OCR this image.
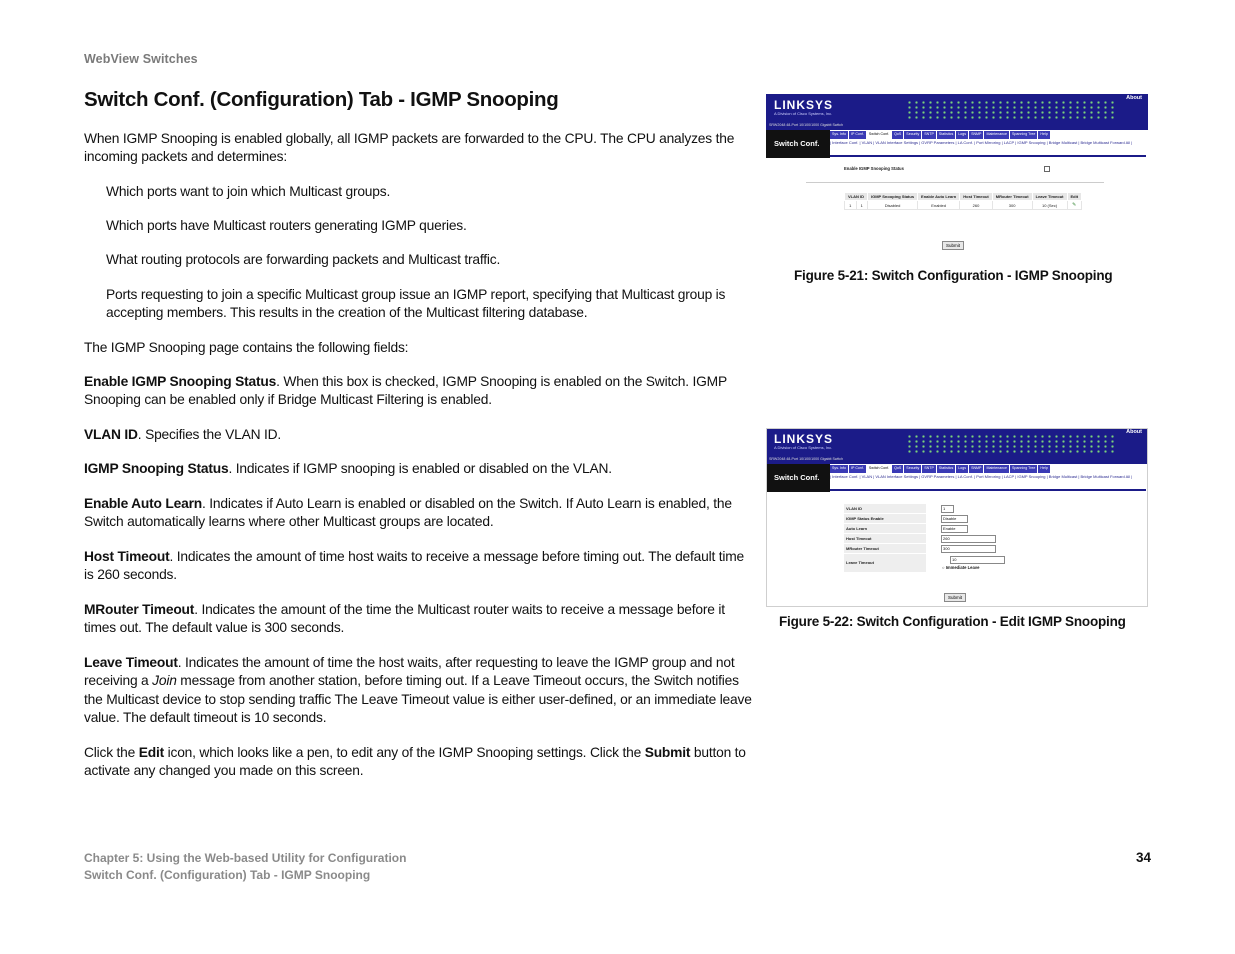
WebView Switches
Switch Conf. (Configuration) Tab - IGMP Snooping
When IGMP Snooping is enabled globally, all IGMP packets are forwarded to the CPU. The CPU analyzes the incoming packets and determines:
Which ports want to join which Multicast groups.
Which ports have Multicast routers generating IGMP queries.
What routing protocols are forwarding packets and Multicast traffic.
Ports requesting to join a specific Multicast group issue an IGMP report, specifying that Multicast group is accepting members. This results in the creation of the Multicast filtering database.
The IGMP Snooping page contains the following fields:
Enable IGMP Snooping Status. When this box is checked, IGMP Snooping is enabled on the Switch. IGMP Snooping can be enabled only if Bridge Multicast Filtering is enabled.
VLAN ID. Specifies the VLAN ID.
IGMP Snooping Status. Indicates if IGMP snooping is enabled or disabled on the VLAN.
Enable Auto Learn. Indicates if Auto Learn is enabled or disabled on the Switch. If Auto Learn is enabled, the Switch automatically learns where other Multicast groups are located.
Host Timeout. Indicates the amount of time host waits to receive a message before timing out. The default time is 260 seconds.
MRouter Timeout. Indicates the amount of the time the Multicast router waits to receive a message before it times out. The default value is 300 seconds.
Leave Timeout. Indicates the amount of time the host waits, after requesting to leave the IGMP group and not receiving a Join message from another station, before timing out. If a Leave Timeout occurs, the Switch notifies the Multicast device to stop sending traffic The Leave Timeout value is either user-defined, or an immediate leave value. The default timeout is 10 seconds.
Click the Edit icon, which looks like a pen, to edit any of the IGMP Snooping settings. Click the Submit button to activate any changed you made on this screen.
LINKSYS
A Division of Cisco Systems, Inc.
About
SRW2048 48-Port 10/100/1000 Gigabit Switch
Switch Conf.
Sys. Info	IP Conf.	Switch Conf.	QoS	Security	SNTP	Statistics	Logs	SNMP	Maintenance	Spanning Tree	Help
| Interface Conf. | VLAN | VLAN Interface Settings | GVRP Parameters | LA Conf. | Port Mirroring | LACP | IGMP Snooping | Bridge Multicast | Bridge Multicast Forward All |
Enable IGMP Snooping Status
VLAN ID		IGMP Snooping Status	Enable Auto Learn	Host Timeout	MRouter Timeout	Leave Timeout	Edit
1	1	Disabled	Enabled	260	300	10 (Sec)	✎
Submit
Figure 5-21: Switch Configuration - IGMP Snooping
LINKSYS
A Division of Cisco Systems, Inc.
About
SRW2048 48-Port 10/100/1000 Gigabit Switch
Switch Conf.
Sys. Info	IP Conf.	Switch Conf.	QoS	Security	SNTP	Statistics	Logs	SNMP	Maintenance	Spanning Tree	Help
| Interface Conf. | VLAN | VLAN Interface Settings | GVRP Parameters | LA Conf. | Port Mirroring | LACP | IGMP Snooping | Bridge Multicast | Bridge Multicast Forward All |
VLAN ID	1
IGMP Status Enable	Disable
Auto Learn	Enable
Host Timeout	260
MRouter Timeout	300
Leave Timeout
10
○ Immediate Leave
Submit
Figure 5-22: Switch Configuration - Edit IGMP Snooping
Chapter 5: Using the Web-based Utility for Configuration
Switch Conf. (Configuration) Tab - IGMP Snooping
34
